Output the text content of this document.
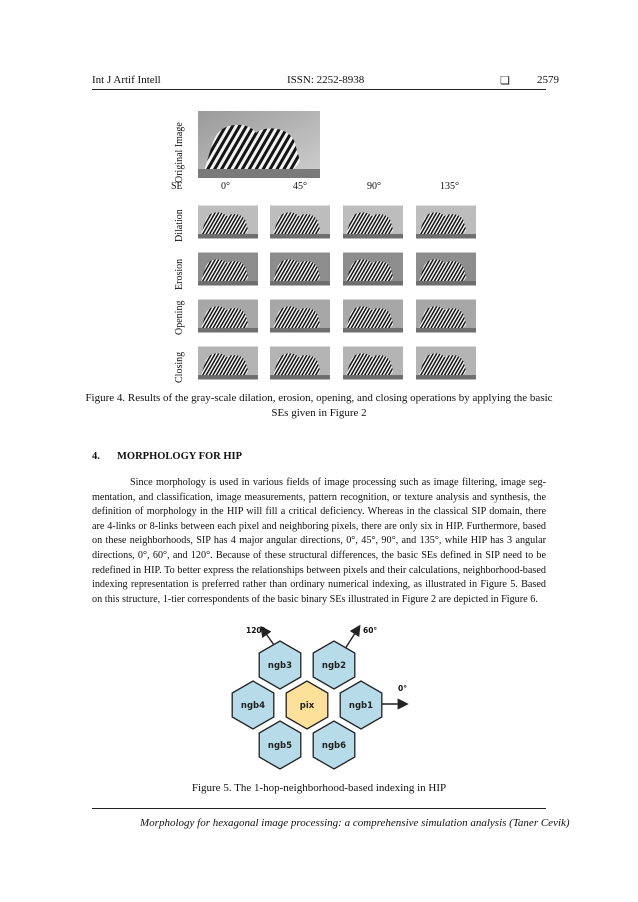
Int J Artif Intell	ISSN: 2252-8938	❏ 2579
Original Image
SE	0°	45°	90°	135°
Dilation
Erosion
Opening
Closing
Figure 4. Results of the gray-scale dilation, erosion, opening, and closing operations by applying the basic
SEs given in Figure 2
4. MORPHOLOGY FOR HIP
Since morphology is used in various fields of image processing such as image filtering, image seg-
mentation, and classification, image measurements, pattern recognition, or texture analysis and synthesis, the
definition of morphology in the HIP will fill a critical deficiency. Whereas in the classical SIP domain, there
are 4-links or 8-links between each pixel and neighboring pixels, there are only six in HIP. Furthermore, based
on these neighborhoods, SIP has 4 major angular directions, 0°, 45°, 90°, and 135°, while HIP has 3 angular
directions, 0°, 60°, and 120°. Because of these structural differences, the basic SEs defined in SIP need to be
redefined in HIP. To better express the relationships between pixels and their calculations, neighborhood-based
indexing representation is preferred rather than ordinary numerical indexing, as illustrated in Figure 5. Based
on this structure, 1-tier correspondents of the basic binary SEs illustrated in Figure 2 are depicted in Figure 6.
ngb3	ngb2
ngb4	pix	ngb1
ngb5	ngb6
120°	60°
0°
Figure 5. The 1-hop-neighborhood-based indexing in HIP
Morphology for hexagonal image processing: a comprehensive simulation analysis (Taner Cevik)
